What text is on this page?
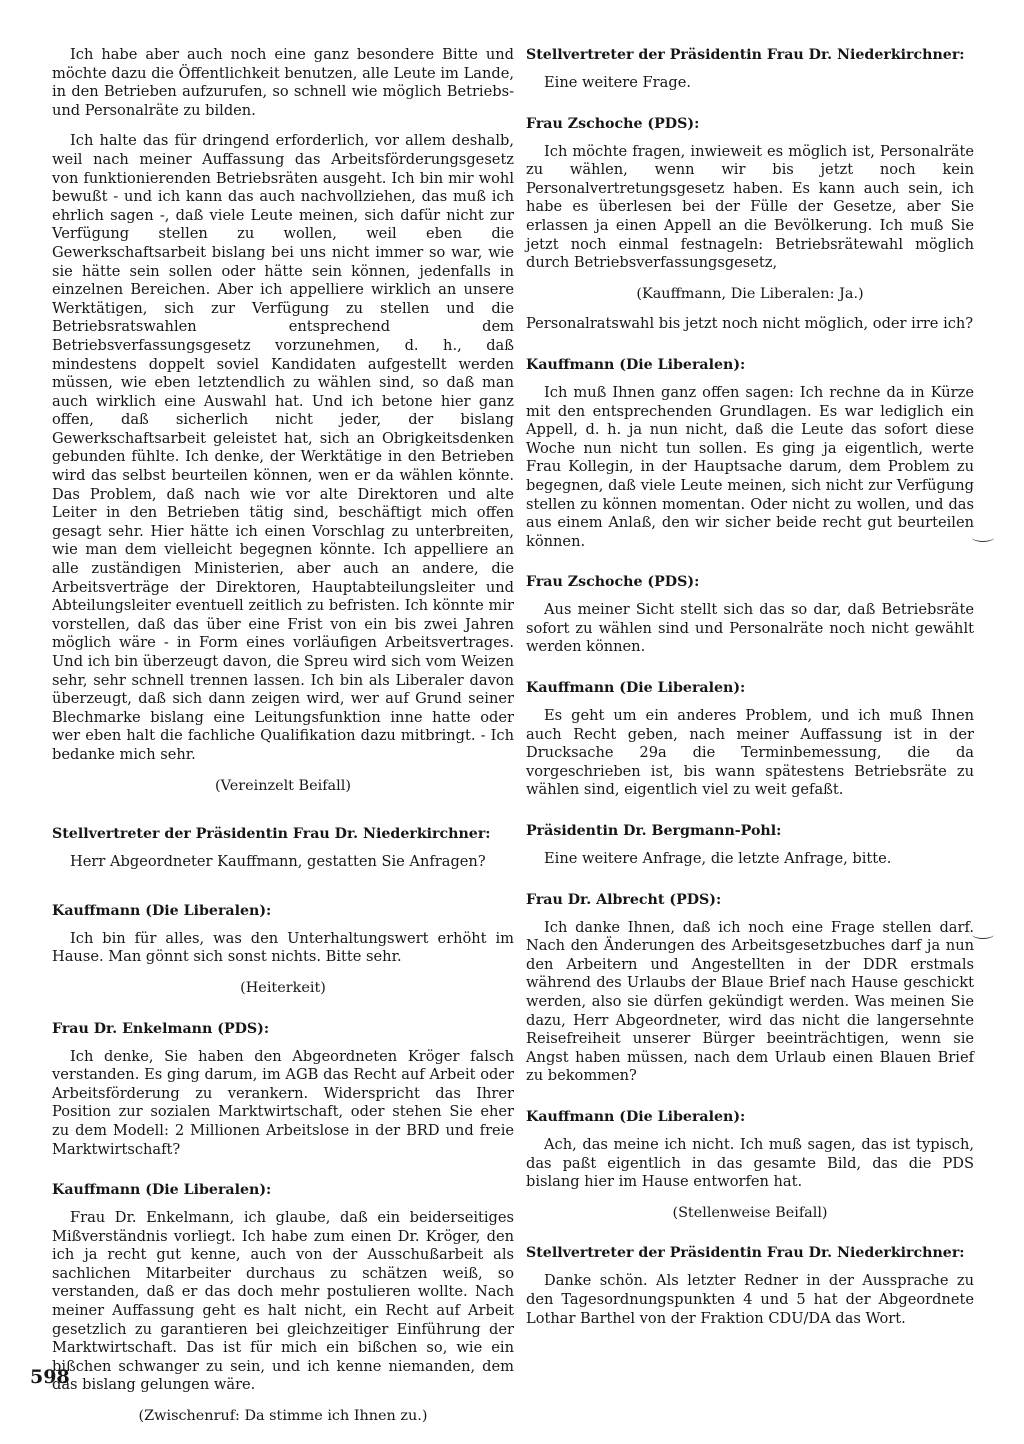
Ich habe aber auch noch eine ganz besondere Bitte und möchte dazu die Öffentlichkeit benutzen, alle Leute im Lande, in den Betrieben aufzurufen, so schnell wie möglich Betriebs- und Personalräte zu bilden.

Ich halte das für dringend erforderlich, vor allem deshalb, weil nach meiner Auffassung das Arbeitsförderungsgesetz von funktionierenden Betriebsräten ausgeht. Ich bin mir wohl bewußt - und ich kann das auch nachvollziehen, das muß ich ehrlich sagen -, daß viele Leute meinen, sich dafür nicht zur Verfügung stellen zu wollen, weil eben die Gewerkschaftsarbeit bislang bei uns nicht immer so war, wie sie hätte sein sollen oder hätte sein können, jedenfalls in einzelnen Bereichen. Aber ich appelliere wirklich an unsere Werktätigen, sich zur Verfügung zu stellen und die Betriebsratswahlen entsprechend dem Betriebsverfassungsgesetz vorzunehmen, d. h., daß mindestens doppelt soviel Kandidaten aufgestellt werden müssen, wie eben letztendlich zu wählen sind, so daß man auch wirklich eine Auswahl hat. Und ich betone hier ganz offen, daß sicherlich nicht jeder, der bislang Gewerkschaftsarbeit geleistet hat, sich an Obrigkeitsdenken gebunden fühlte. Ich denke, der Werktätige in den Betrieben wird das selbst beurteilen können, wen er da wählen könnte. Das Problem, daß nach wie vor alte Direktoren und alte Leiter in den Betrieben tätig sind, beschäftigt mich offen gesagt sehr. Hier hätte ich einen Vorschlag zu unterbreiten, wie man dem vielleicht begegnen könnte. Ich appelliere an alle zuständigen Ministerien, aber auch an andere, die Arbeitsverträge der Direktoren, Hauptabteilungsleiter und Abteilungsleiter eventuell zeitlich zu befristen. Ich könnte mir vorstellen, daß das über eine Frist von ein bis zwei Jahren möglich wäre - in Form eines vorläufigen Arbeitsvertrages. Und ich bin überzeugt davon, die Spreu wird sich vom Weizen sehr, sehr schnell trennen lassen. Ich bin als Liberaler davon überzeugt, daß sich dann zeigen wird, wer auf Grund seiner Blechmarke bislang eine Leitungsfunktion inne hatte oder wer eben halt die fachliche Qualifikation dazu mitbringt. - Ich bedanke mich sehr.

(Vereinzelt Beifall)

Stellvertreter der Präsidentin Frau Dr. Niederkirchner:

Herr Abgeordneter Kauffmann, gestatten Sie Anfragen?

Kauffmann (Die Liberalen):

Ich bin für alles, was den Unterhaltungswert erhöht im Hause. Man gönnt sich sonst nichts. Bitte sehr.

(Heiterkeit)

Frau Dr. Enkelmann (PDS):

Ich denke, Sie haben den Abgeordneten Kröger falsch verstanden. Es ging darum, im AGB das Recht auf Arbeit oder Arbeitsförderung zu verankern. Widerspricht das Ihrer Position zur sozialen Marktwirtschaft, oder stehen Sie eher zu dem Modell: 2 Millionen Arbeitslose in der BRD und freie Marktwirtschaft?

Kauffmann (Die Liberalen):

Frau Dr. Enkelmann, ich glaube, daß ein beiderseitiges Mißverständnis vorliegt. Ich habe zum einen Dr. Kröger, den ich ja recht gut kenne, auch von der Ausschußarbeit als sachlichen Mitarbeiter durchaus zu schätzen weiß, so verstanden, daß er das doch mehr postulieren wollte. Nach meiner Auffassung geht es halt nicht, ein Recht auf Arbeit gesetzlich zu garantieren bei gleichzeitiger Einführung der Marktwirtschaft. Das ist für mich ein bißchen so, wie ein bißchen schwanger zu sein, und ich kenne niemanden, dem das bislang gelungen wäre.

(Zwischenruf: Da stimme ich Ihnen zu.)

Stellvertreter der Präsidentin Frau Dr. Niederkirchner:

Eine weitere Frage.

Frau Zschoche (PDS):

Ich möchte fragen, inwieweit es möglich ist, Personalräte zu wählen, wenn wir bis jetzt noch kein Personalvertretungsgesetz haben. Es kann auch sein, ich habe es überlesen bei der Fülle der Gesetze, aber Sie erlassen ja einen Appell an die Bevölkerung. Ich muß Sie jetzt noch einmal festnageln: Betriebsrätewahl möglich durch Betriebsverfassungsgesetz,

(Kauffmann, Die Liberalen: Ja.)

Personalratswahl bis jetzt noch nicht möglich, oder irre ich?

Kauffmann (Die Liberalen):

Ich muß Ihnen ganz offen sagen: Ich rechne da in Kürze mit den entsprechenden Grundlagen. Es war lediglich ein Appell, d. h. ja nun nicht, daß die Leute das sofort diese Woche nun nicht tun sollen. Es ging ja eigentlich, werte Frau Kollegin, in der Hauptsache darum, dem Problem zu begegnen, daß viele Leute meinen, sich nicht zur Verfügung stellen zu können momentan. Oder nicht zu wollen, und das aus einem Anlaß, den wir sicher beide recht gut beurteilen können.

Frau Zschoche (PDS):

Aus meiner Sicht stellt sich das so dar, daß Betriebsräte sofort zu wählen sind und Personalräte noch nicht gewählt werden können.

Kauffmann (Die Liberalen):

Es geht um ein anderes Problem, und ich muß Ihnen auch Recht geben, nach meiner Auffassung ist in der Drucksache 29a die Terminbemessung, die da vorgeschrieben ist, bis wann spätestens Betriebsräte zu wählen sind, eigentlich viel zu weit gefaßt.

Präsidentin Dr. Bergmann-Pohl:

Eine weitere Anfrage, die letzte Anfrage, bitte.

Frau Dr. Albrecht (PDS):

Ich danke Ihnen, daß ich noch eine Frage stellen darf. Nach den Änderungen des Arbeitsgesetzbuches darf ja nun den Arbeitern und Angestellten in der DDR erstmals während des Urlaubs der Blaue Brief nach Hause geschickt werden, also sie dürfen gekündigt werden. Was meinen Sie dazu, Herr Abgeordneter, wird das nicht die langersehnte Reisefreiheit unserer Bürger beeinträchtigen, wenn sie Angst haben müssen, nach dem Urlaub einen Blauen Brief zu bekommen?

Kauffmann (Die Liberalen):

Ach, das meine ich nicht. Ich muß sagen, das ist typisch, das paßt eigentlich in das gesamte Bild, das die PDS bislang hier im Hause entworfen hat.

(Stellenweise Beifall)

Stellvertreter der Präsidentin Frau Dr. Niederkirchner:

Danke schön. Als letzter Redner in der Aussprache zu den Tagesordnungspunkten 4 und 5 hat der Abgeordnete Lothar Barthel von der Fraktion CDU/DA das Wort.

598
